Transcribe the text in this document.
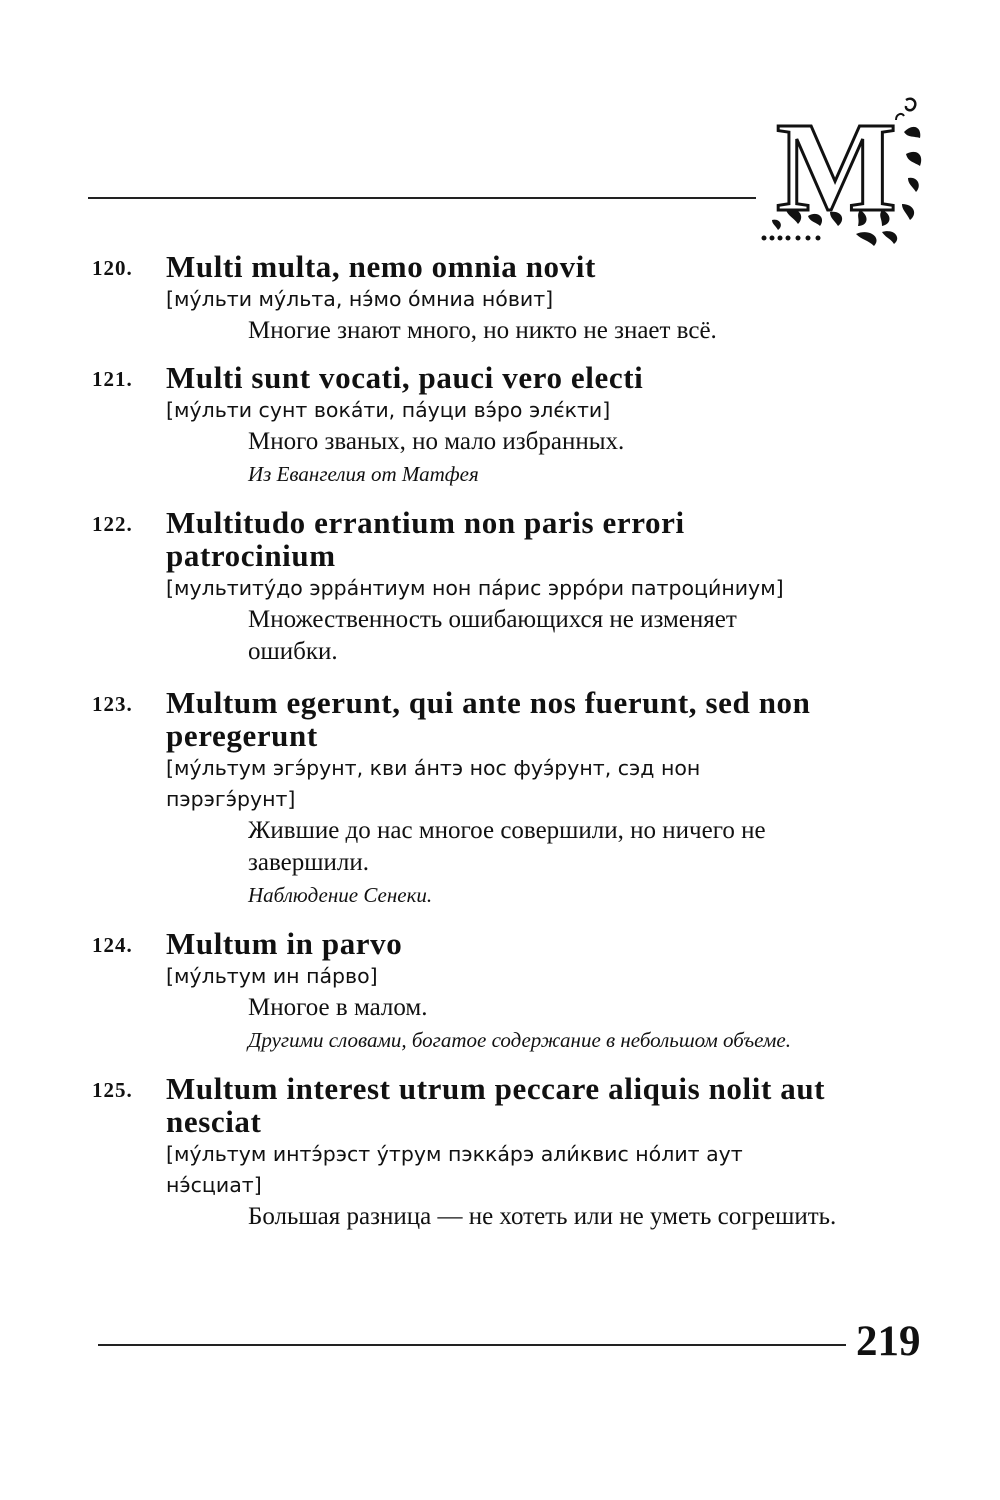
M
120. Multi multa, nemo omnia novit
[му́льти му́льта, нэ́мо о́мниа но́вит]
Многие знают много, но никто не знает всё.
121. Multi sunt vocati, pauci vero electi
[му́льти сунт вока́ти, па́уци вэ́ро элє́кти]
Много званых, но мало избранных.
Из Евангелия от Матфея
122. Multitudo errantium non paris errori patrocinium
[мультиту́до эрра́нтиум нон па́рис эрро́ри патроци́ниум]
Множественность ошибающихся не изменяет ошибки.
123. Multum egerunt, qui ante nos fuerunt, sed non peregerunt
[му́льтум эгэ́рунт, кви а́нтэ нос фуэ́рунт, сэд нон пэрэгэ́рунт]
Жившие до нас многое совершили, но ничего не завершили.
Наблюдение Сенеки.
124. Multum in parvo
[му́льтум ин па́рво]
Многое в малом.
Другими словами, богатое содержание в небольшом объеме.
125. Multum interest utrum peccare aliquis nolit aut nesciat
[му́льтум интэ́рэст у́трум пэкка́рэ али́квис но́лит аут нэ́сциат]
Большая разница — не хотеть или не уметь согрешить.
219
